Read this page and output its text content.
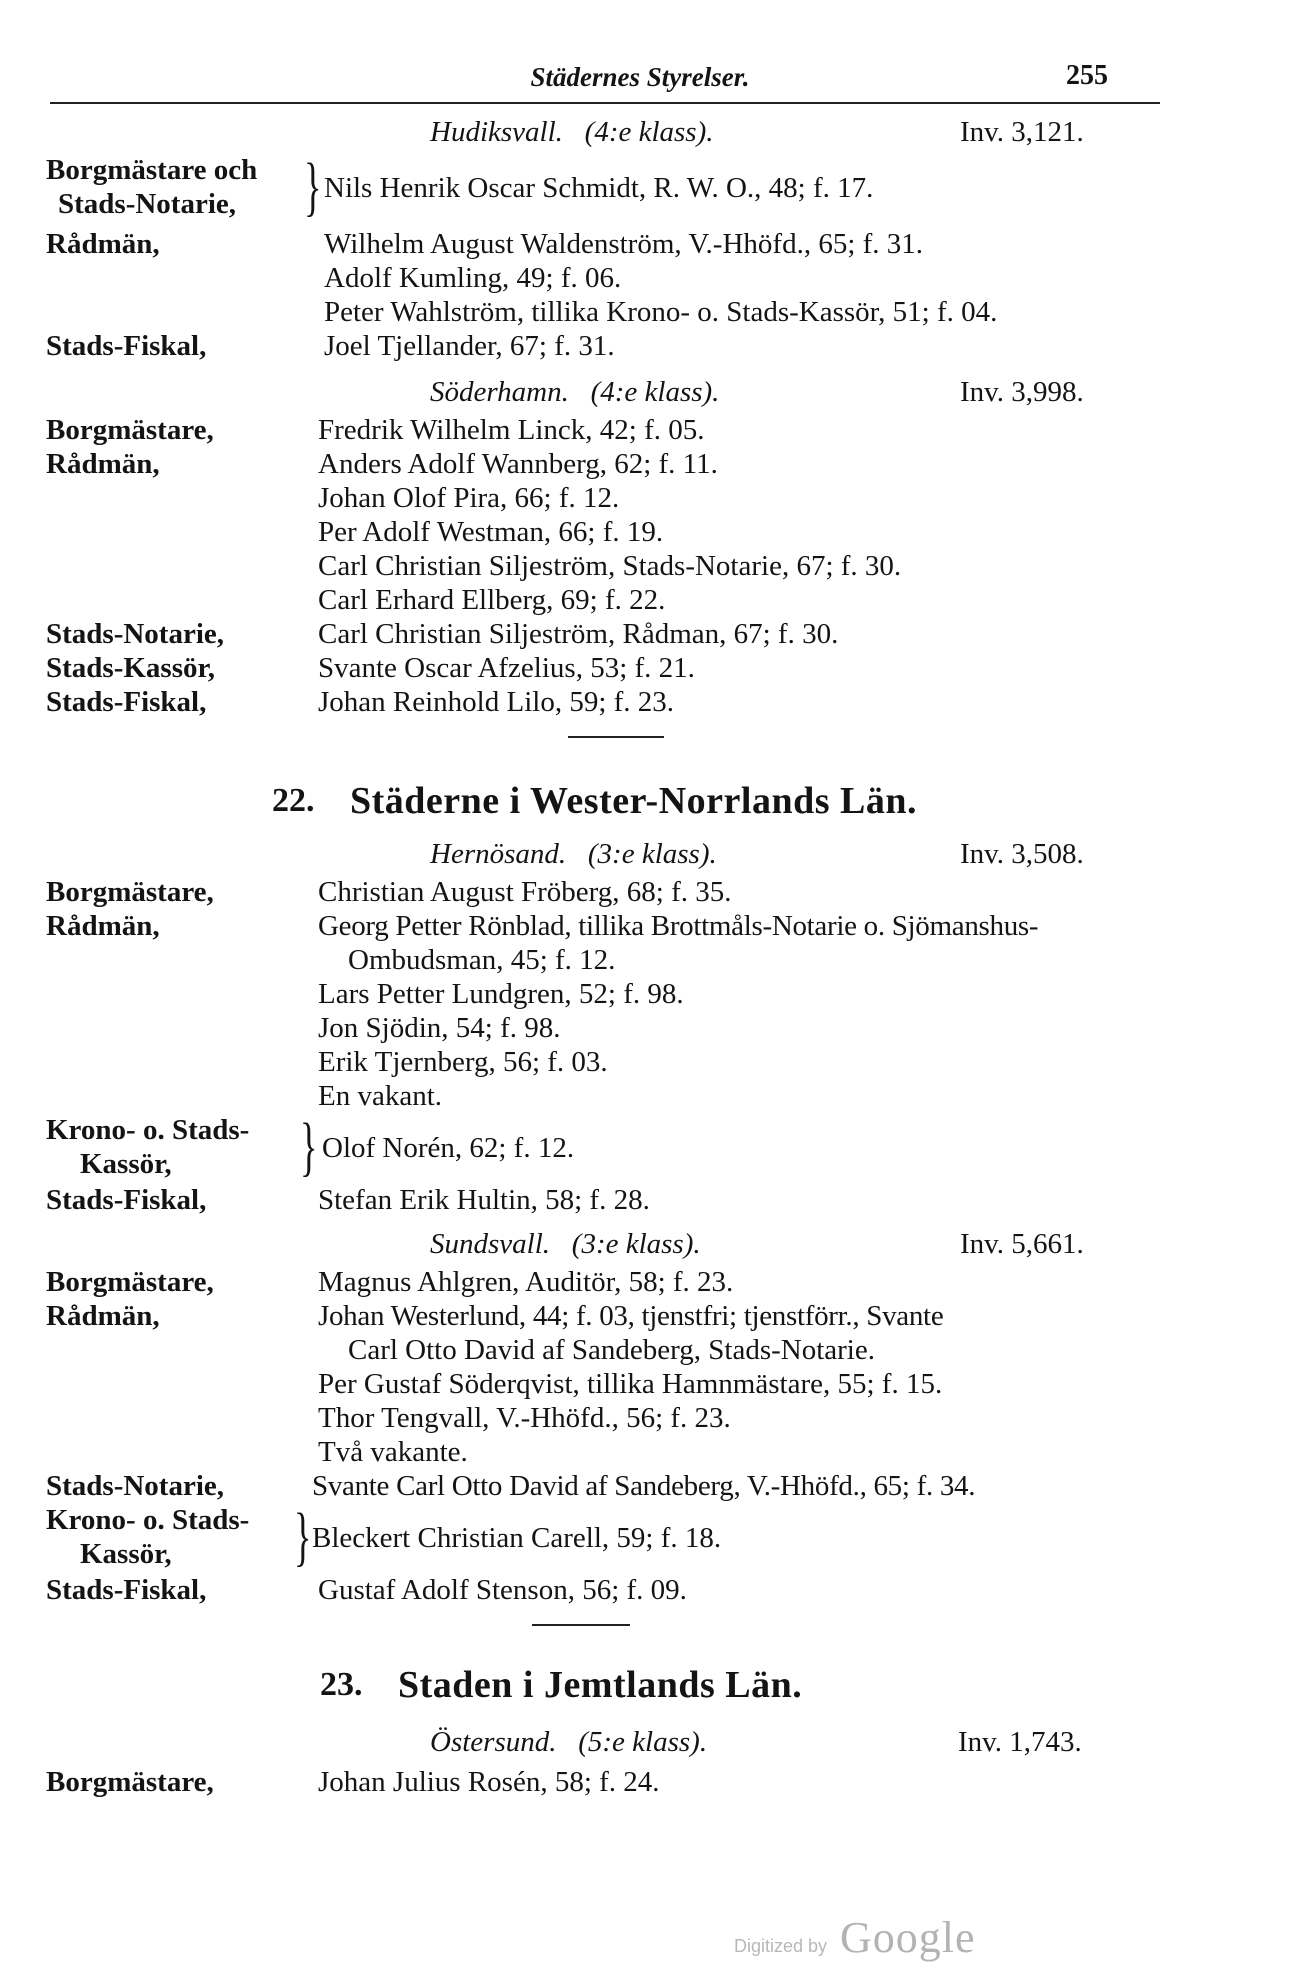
Städernes Styrelser.	255
Hudiksvall. (4:e klass).	Inv. 3,121.
Borgmästare och
Stads-Notarie, } Nils Henrik Oscar Schmidt, R. W. O., 48; f. 17.
Rådmän,	Wilhelm August Waldenström, V.-Hhöfd., 65; f. 31.
Adolf Kumling, 49; f. 06.
Peter Wahlström, tillika Krono- o. Stads-Kassör, 51; f. 04.
Stads-Fiskal,	Joel Tjellander, 67; f. 31.
Söderhamn. (4:e klass).	Inv. 3,998.
Borgmästare,	Fredrik Wilhelm Linck, 42; f. 05.
Rådmän,	Anders Adolf Wannberg, 62; f. 11.
Johan Olof Pira, 66; f. 12.
Per Adolf Westman, 66; f. 19.
Carl Christian Siljeström, Stads-Notarie, 67; f. 30.
Carl Erhard Ellberg, 69; f. 22.
Stads-Notarie,	Carl Christian Siljeström, Rådman, 67; f. 30.
Stads-Kassör,	Svante Oscar Afzelius, 53; f. 21.
Stads-Fiskal,	Johan Reinhold Lilo, 59; f. 23.
22. Städerne i Wester-Norrlands Län.
Hernösand. (3:e klass).	Inv. 3,508.
Borgmästare,	Christian August Fröberg, 68; f. 35.
Rådmän,	Georg Petter Rönblad, tillika Brottmåls-Notarie o. Sjömanshus-
Ombudsman, 45; f. 12.
Lars Petter Lundgren, 52; f. 98.
Jon Sjödin, 54; f. 98.
Erik Tjernberg, 56; f. 03.
En vakant.
Krono- o. Stads-
Kassör, } Olof Norén, 62; f. 12.
Stads-Fiskal,	Stefan Erik Hultin, 58; f. 28.
Sundsvall. (3:e klass).	Inv. 5,661.
Borgmästare,	Magnus Ahlgren, Auditör, 58; f. 23.
Rådmän,	Johan Westerlund, 44; f. 03, tjenstfri; tjenstförr., Svante
Carl Otto David af Sandeberg, Stads-Notarie.
Per Gustaf Söderqvist, tillika Hamnmästare, 55; f. 15.
Thor Tengvall, V.-Hhöfd., 56; f. 23.
Två vakante.
Stads-Notarie,	Svante Carl Otto David af Sandeberg, V.-Hhöfd., 65; f. 34.
Krono- o. Stads-
Kassör, } Bleckert Christian Carell, 59; f. 18.
Stads-Fiskal,	Gustaf Adolf Stenson, 56; f. 09.
23. Staden i Jemtlands Län.
Östersund. (5:e klass).	Inv. 1,743.
Borgmästare,	Johan Julius Rosén, 58; f. 24.
Digitized by Google
